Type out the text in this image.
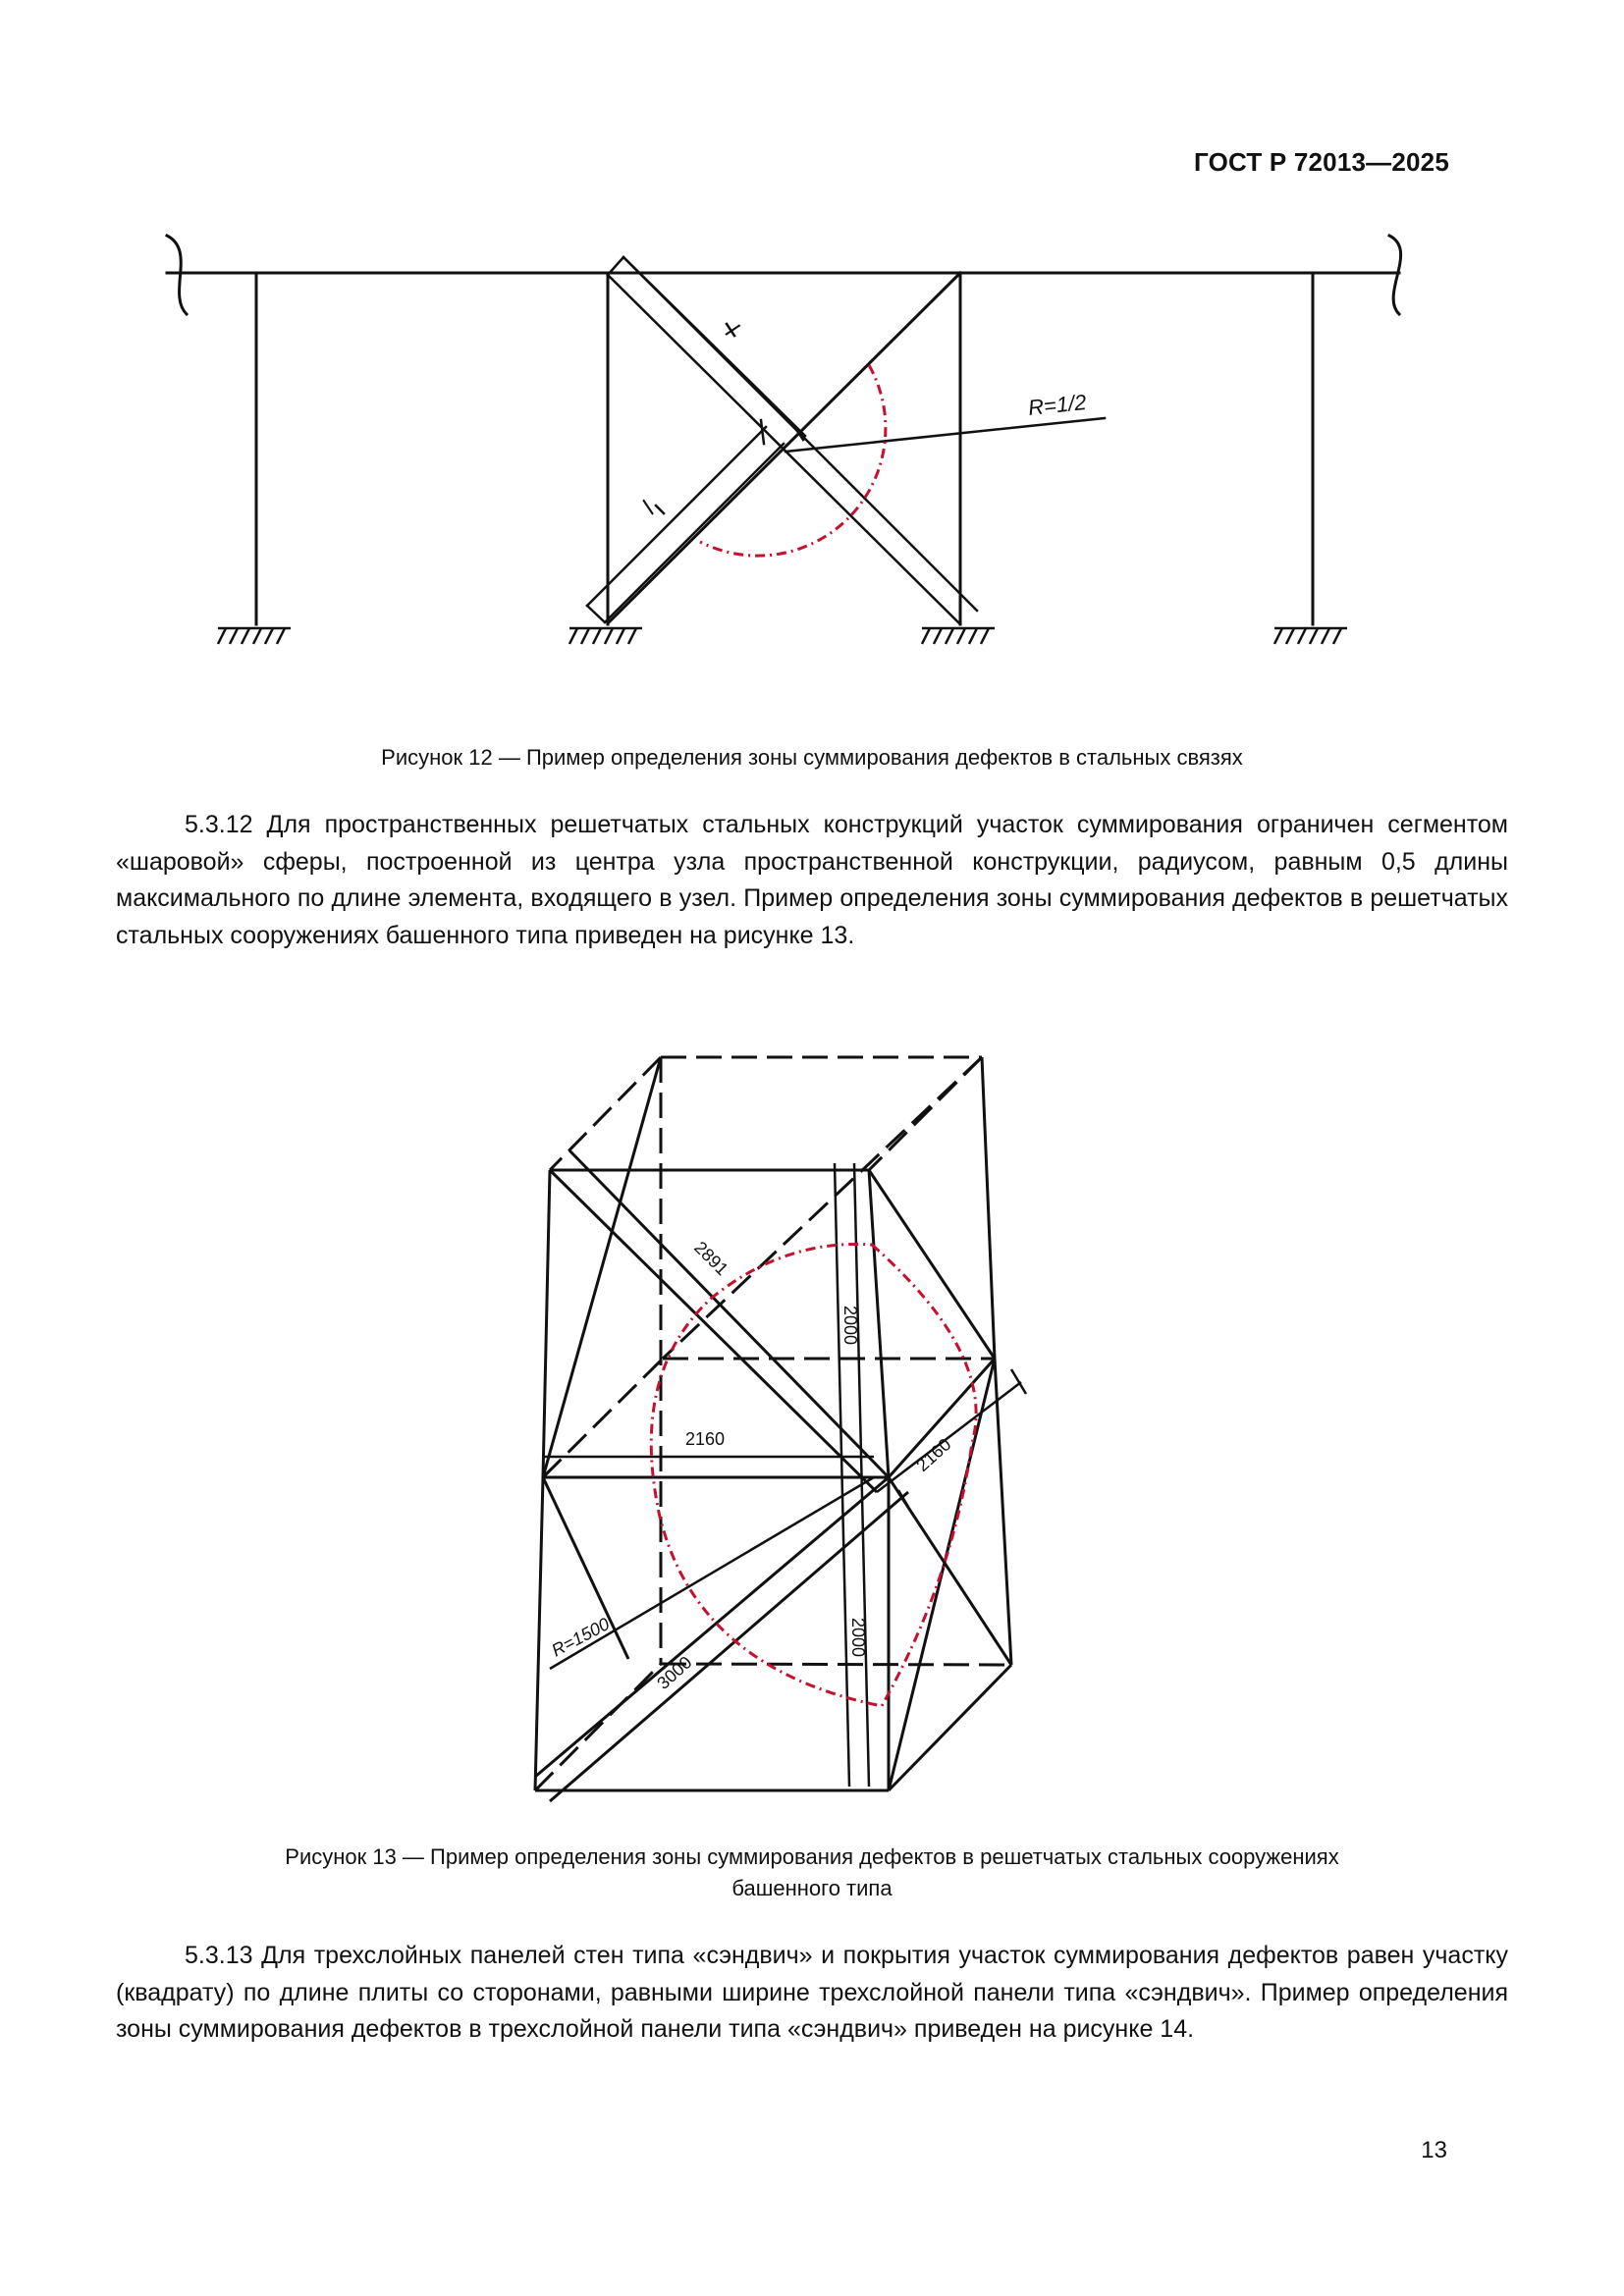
ГОСТ Р 72013—2025
l
l
R=1/2
Рисунок 12 — Пример определения зоны суммирования дефектов в стальных связях
5.3.12 Для пространственных решетчатых стальных конструкций участок суммирования ограничен сегментом «шаровой» сферы, построенной из центра узла пространственной конструкции, радиусом, равным 0,5 длины максимального по длине элемента, входящего в узел. Пример определения зоны суммирования дефектов в решетчатых стальных сооружениях башенного типа приведен на рисунке 13.
2891
2000
2160	2160
2000
R=1500
3000
Рисунок 13 — Пример определения зоны суммирования дефектов в решетчатых стальных сооружениях
башенного типа
5.3.13 Для трехслойных панелей стен типа «сэндвич» и покрытия участок суммирования дефектов равен участку (квадрату) по длине плиты со сторонами, равными ширине трехслойной панели типа «сэндвич». Пример определения зоны суммирования дефектов в трехслойной панели типа «сэндвич» приведен на рисунке 14.
13
